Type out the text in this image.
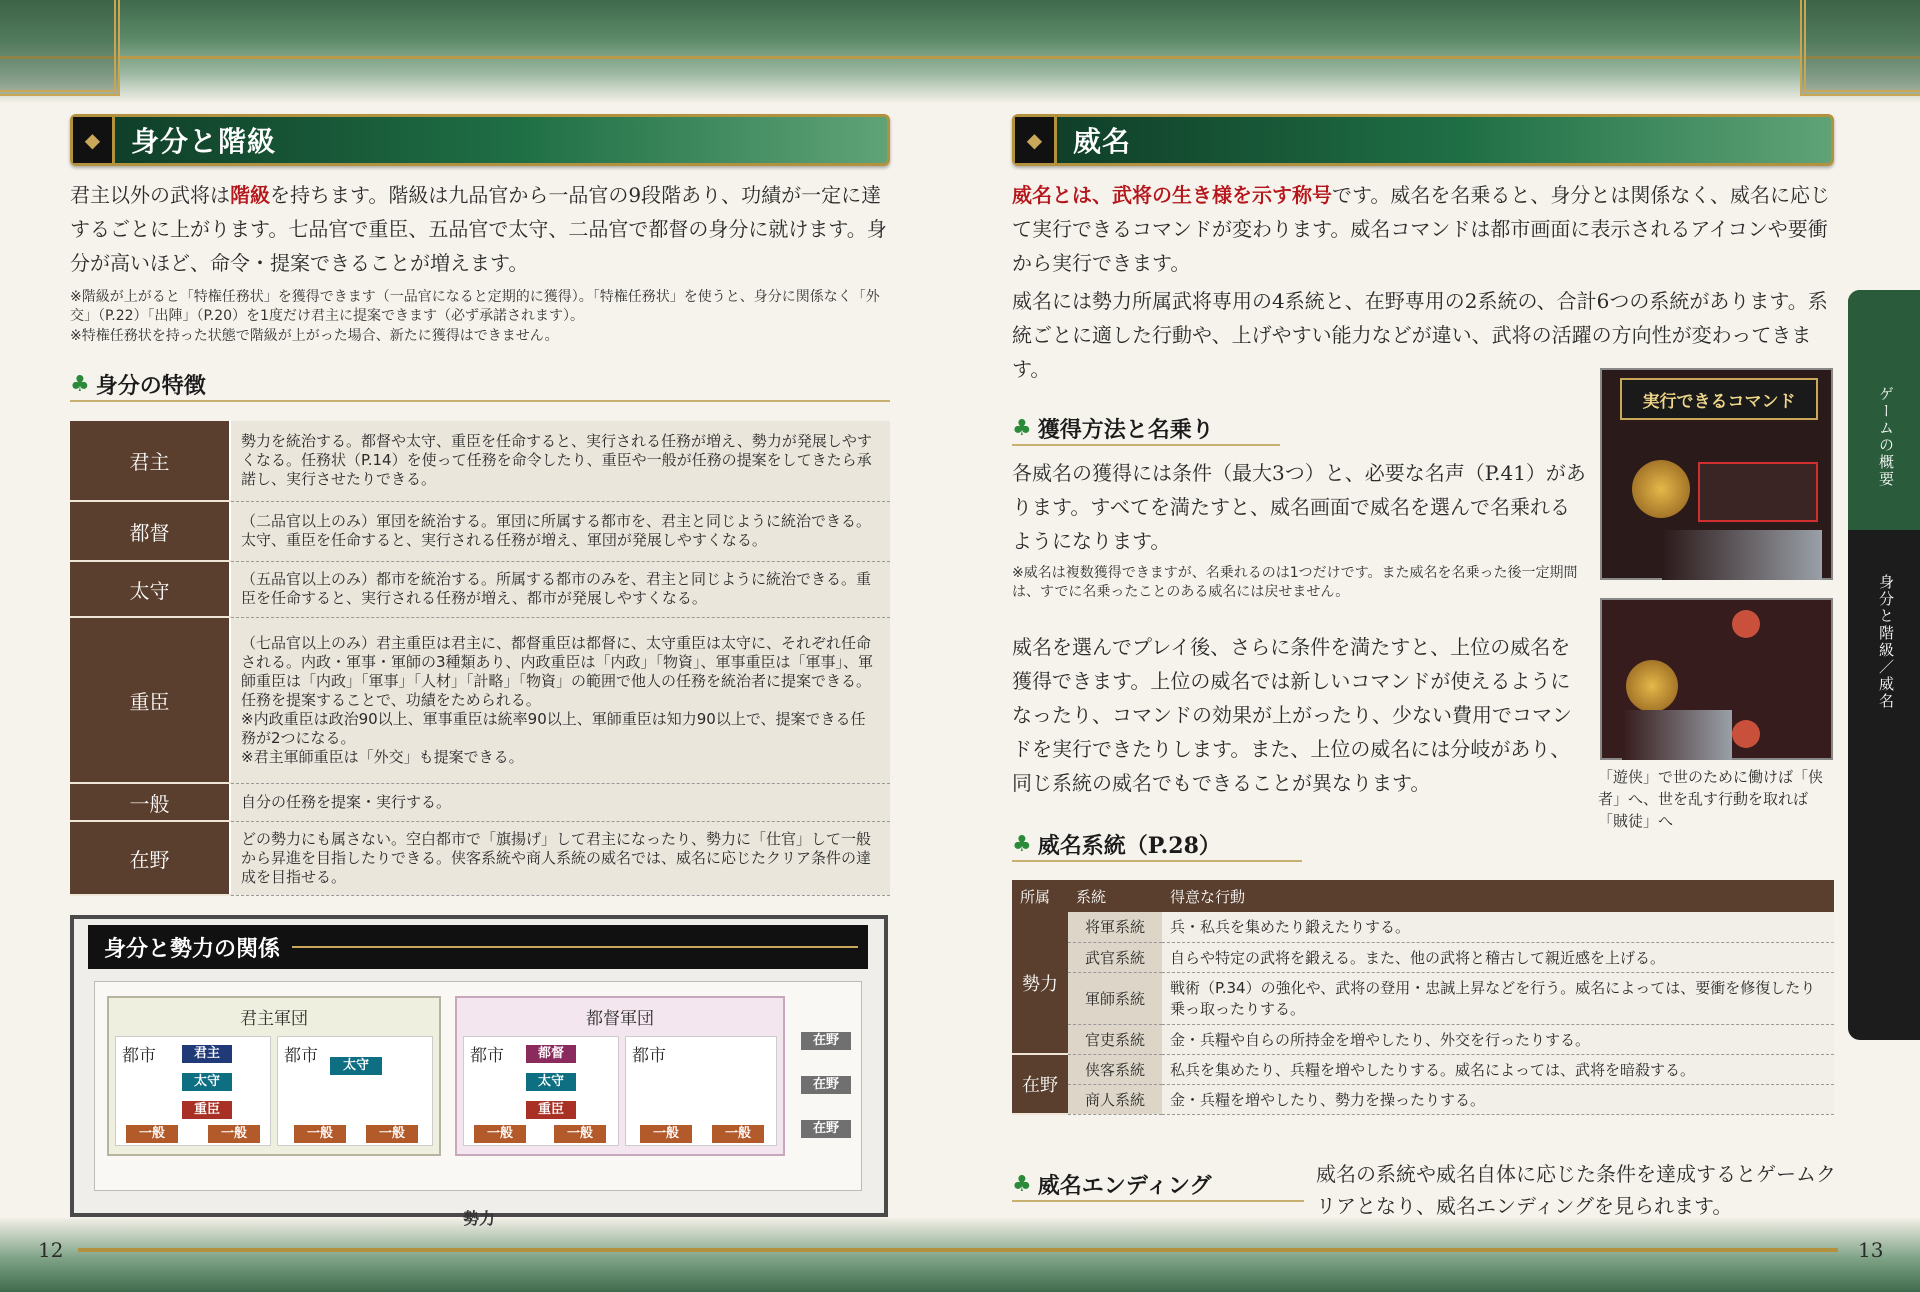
◆	身分と階級
君主以外の武将は階級を持ちます。階級は九品官から一品官の9段階あり、功績が一定に達するごとに上がります。七品官で重臣、五品官で太守、二品官で都督の身分に就けます。身分が高いほど、命令・提案できることが増えます。
※階級が上がると「特権任務状」を獲得できます（一品官になると定期的に獲得）。「特権任務状」を使うと、身分に関係なく「外交」（P.22）「出陣」（P.20）を1度だけ君主に提案できます（必ず承諾されます）。
※特権任務状を持った状態で階級が上がった場合、新たに獲得はできません。
♣ 身分の特徴
君主	勢力を統治する。都督や太守、重臣を任命すると、実行される任務が増え、勢力が発展しやすくなる。任務状（P.14）を使って任務を命令したり、重臣や一般が任務の提案をしてきたら承諾し、実行させたりできる。
都督	（二品官以上のみ）軍団を統治する。軍団に所属する都市を、君主と同じように統治できる。太守、重臣を任命すると、実行される任務が増え、軍団が発展しやすくなる。
太守	（五品官以上のみ）都市を統治する。所属する都市のみを、君主と同じように統治できる。重臣を任命すると、実行される任務が増え、都市が発展しやすくなる。
重臣	（七品官以上のみ）君主重臣は君主に、都督重臣は都督に、太守重臣は太守に、それぞれ任命される。内政・軍事・軍師の3種類あり、内政重臣は「内政」「物資」、軍事重臣は「軍事」、軍師重臣は「内政」「軍事」「人材」「計略」「物資」の範囲で他人の任務を統治者に提案できる。任務を提案することで、功績をためられる。
※内政重臣は政治90以上、軍事重臣は統率90以上、軍師重臣は知力90以上で、提案できる任務が2つになる。
※君主軍師重臣は「外交」も提案できる。
一般	自分の任務を提案・実行する。
在野	どの勢力にも属さない。空白都市で「旗揚げ」して君主になったり、勢力に「仕官」して一般から昇進を目指したりできる。侠客系統や商人系統の威名では、威名に応じたクリア条件の達成を目指せる。
身分と勢力の関係
君主軍団
都市	君主
太守
重臣
一般	一般
都市	太守
一般	一般
都督軍団
都市	都督
太守
重臣
一般	一般
都市
一般	一般
在野
在野
在野
勢力
12
◆	威名
威名とは、武将の生き様を示す称号です。威名を名乗ると、身分とは関係なく、威名に応じて実行できるコマンドが変わります。威名コマンドは都市画面に表示されるアイコンや要衝から実行できます。
威名には勢力所属武将専用の4系統と、在野専用の2系統の、合計6つの系統があります。系統ごとに適した行動や、上げやすい能力などが違い、武将の活躍の方向性が変わってきます。
♣ 獲得方法と名乗り
各威名の獲得には条件（最大3つ）と、必要な名声（P.41）があります。すべてを満たすと、威名画面で威名を選んで名乗れるようになります。
※威名は複数獲得できますが、名乗れるのは1つだけです。また威名を名乗った後一定期間は、すでに名乗ったことのある威名には戻せません。
威名を選んでプレイ後、さらに条件を満たすと、上位の威名を獲得できます。上位の威名では新しいコマンドが使えるようになったり、コマンドの効果が上がったり、少ない費用でコマンドを実行できたりします。また、上位の威名には分岐があり、同じ系統の威名でもできることが異なります。
実行できるコマンド
「遊侠」で世のために働けば「侠者」へ、世を乱す行動を取れば「賊徒」へ
♣ 威名系統（P.28）
所属	系統	得意な行動
勢力	将軍系統	兵・私兵を集めたり鍛えたりする。
	武官系統	自らや特定の武将を鍛える。また、他の武将と稽古して親近感を上げる。
	軍師系統	戦術（P.34）の強化や、武将の登用・忠誠上昇などを行う。威名によっては、要衝を修復したり乗っ取ったりする。
	官吏系統	金・兵糧や自らの所持金を増やしたり、外交を行ったりする。
在野	侠客系統	私兵を集めたり、兵糧を増やしたりする。威名によっては、武将を暗殺する。
	商人系統	金・兵糧を増やしたり、勢力を操ったりする。
♣ 威名エンディング	威名の系統や威名自体に応じた条件を達成するとゲームクリアとなり、威名エンディングを見られます。
13
ゲームの概要
身分と階級／威名
